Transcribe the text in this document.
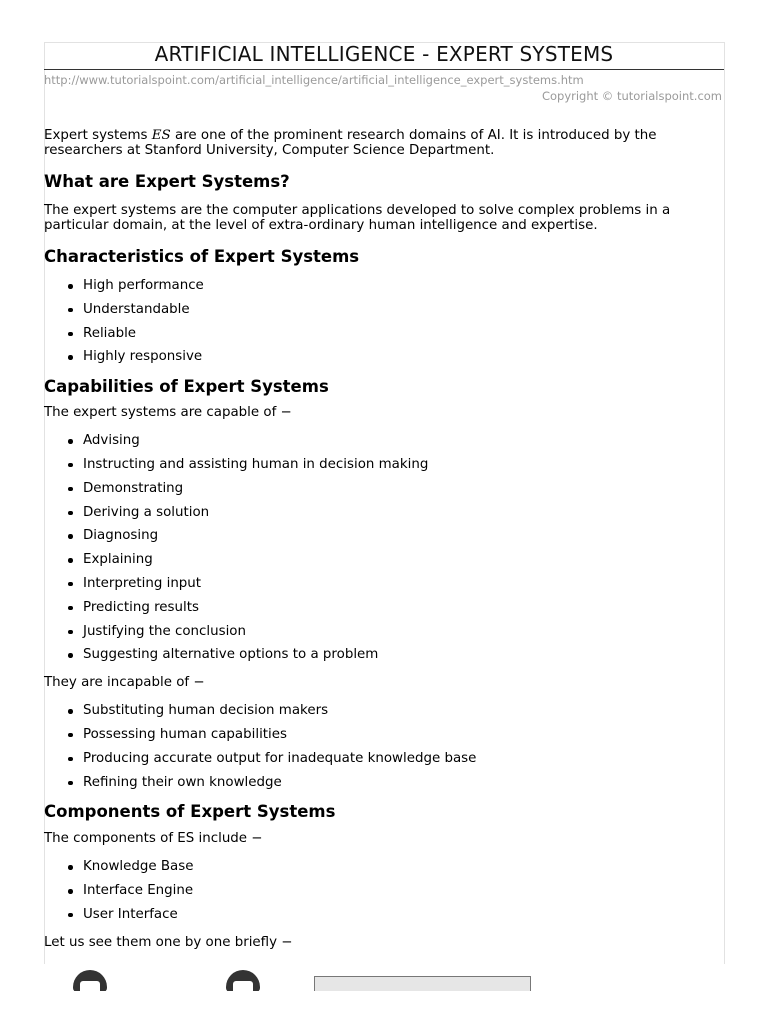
ARTIFICIAL INTELLIGENCE - EXPERT SYSTEMS
http://www.tutorialspoint.com/artificial_intelligence/artificial_intelligence_expert_systems.htm
Copyright © tutorialspoint.com

Expert systems ES are one of the prominent research domains of AI. It is introduced by the
researchers at Stanford University, Computer Science Department.

What are Expert Systems?

The expert systems are the computer applications developed to solve complex problems in a
particular domain, at the level of extra-ordinary human intelligence and expertise.

Characteristics of Expert Systems
High performance
Understandable
Reliable
Highly responsive
Capabilities of Expert Systems

The expert systems are capable of −

Advising
Instructing and assisting human in decision making
Demonstrating
Deriving a solution
Diagnosing
Explaining
Interpreting input
Predicting results
Justifying the conclusion
Suggesting alternative options to a problem

They are incapable of −

Substituting human decision makers
Possessing human capabilities
Producing accurate output for inadequate knowledge base
Refining their own knowledge
Components of Expert Systems

The components of ES include −

Knowledge Base
Interface Engine
User Interface

Let us see them one by one briefly −
